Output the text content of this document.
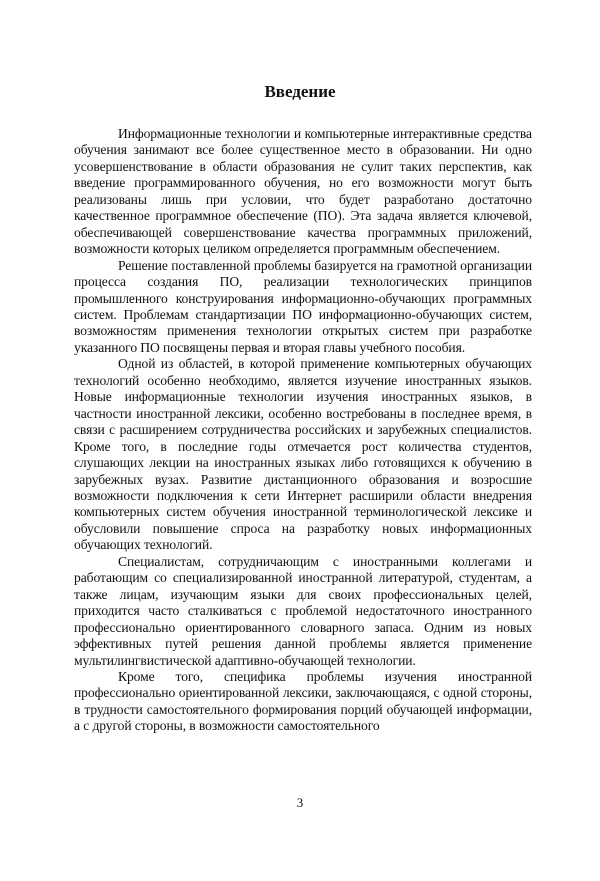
Введение

Информационные технологии и компьютерные интерактивные средства обучения занимают все более существенное место в образовании. Ни одно усовершенствование в области образования не сулит таких перспектив, как введение программированного обучения, но его возможности могут быть реализованы лишь при условии, что будет разработано достаточно качественное программное обеспечение (ПО). Эта задача является ключевой, обеспечивающей совершенствование качества программных приложений, возможности которых целиком определяется программным обеспечением.

Решение поставленной проблемы базируется на грамотной организации процесса создания ПО, реализации технологических принципов промышленного конструирования информационно-обучающих программных систем. Проблемам стандартизации ПО информационно-обучающих систем, возможностям применения технологии открытых систем при разработке указанного ПО посвящены первая и вторая главы учебного пособия.

Одной из областей, в которой применение компьютерных обучающих технологий особенно необходимо, является изучение иностранных языков. Новые информационные технологии изучения иностранных языков, в частности иностранной лексики, особенно востребованы в последнее время, в связи с расширением сотрудничества российских и зарубежных специалистов. Кроме того, в последние годы отмечается рост количества студентов, слушающих лекции на иностранных языках либо готовящихся к обучению в зарубежных вузах. Развитие дистанционного образования и возросшие возможности подключения к сети Интернет расширили области внедрения компьютерных систем обучения иностранной терминологической лексике и обусловили повышение спроса на разработку новых информационных обучающих технологий.

Специалистам, сотрудничающим с иностранными коллегами и работающим со специализированной иностранной литературой, студентам, а также лицам, изучающим языки для своих профессиональных целей, приходится часто сталкиваться с проблемой недостаточного иностранного профессионально ориентированного словарного запаса. Одним из новых эффективных путей решения данной проблемы является применение мультилингвистической адаптивно-обучающей технологии.

Кроме того, специфика проблемы изучения иностранной профессионально ориентированной лексики, заключающаяся, с одной стороны, в трудности самостоятельного формирования порций обучающей информации, а с другой стороны, в возможности самостоятельного

3
